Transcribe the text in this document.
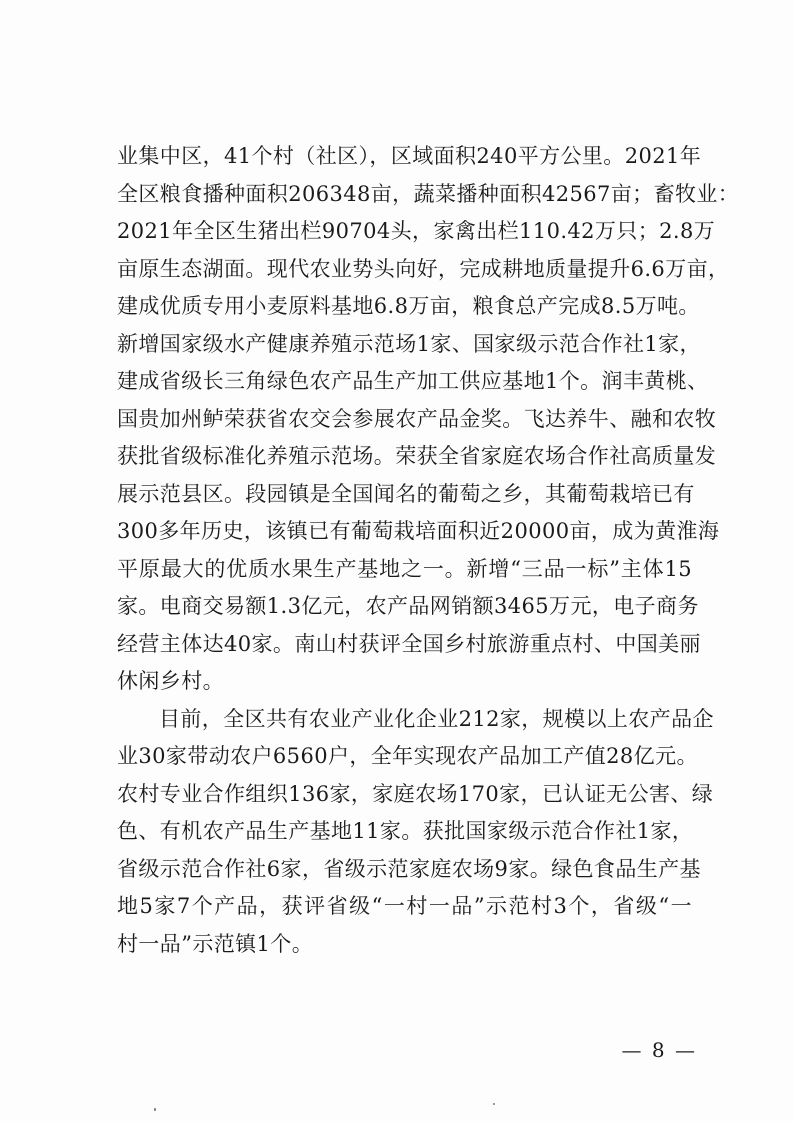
业集中区，41个村（社区），区域面积240平方公里。2021年
全区粮食播种面积206348亩，蔬菜播种面积42567亩；畜牧业：
2021年全区生猪出栏90704头，家禽出栏110.42万只；2.8万
亩原生态湖面。现代农业势头向好，完成耕地质量提升6.6万亩，
建成优质专用小麦原料基地6.8万亩，粮食总产完成8.5万吨。
新增国家级水产健康养殖示范场1家、国家级示范合作社1家，
建成省级长三角绿色农产品生产加工供应基地1个。润丰黄桃、
国贵加州鲈荣获省农交会参展农产品金奖。飞达养牛、融和农牧
获批省级标准化养殖示范场。荣获全省家庭农场合作社高质量发
展示范县区。段园镇是全国闻名的葡萄之乡，其葡萄栽培已有
300多年历史，该镇已有葡萄栽培面积近20000亩，成为黄淮海
平原最大的优质水果生产基地之一。新增“三品一标”主体15
家。电商交易额1.3亿元，农产品网销额3465万元，电子商务
经营主体达40家。南山村获评全国乡村旅游重点村、中国美丽
休闲乡村。
目前，全区共有农业产业化企业212家，规模以上农产品企
业30家带动农户6560户，全年实现农产品加工产值28亿元。
农村专业合作组织136家，家庭农场170家，已认证无公害、绿
色、有机农产品生产基地11家。获批国家级示范合作社1家，
省级示范合作社6家，省级示范家庭农场9家。绿色食品生产基
地5家7个产品，获评省级“一村一品”示范村3个，省级“一
村一品”示范镇1个。
— 8 —
